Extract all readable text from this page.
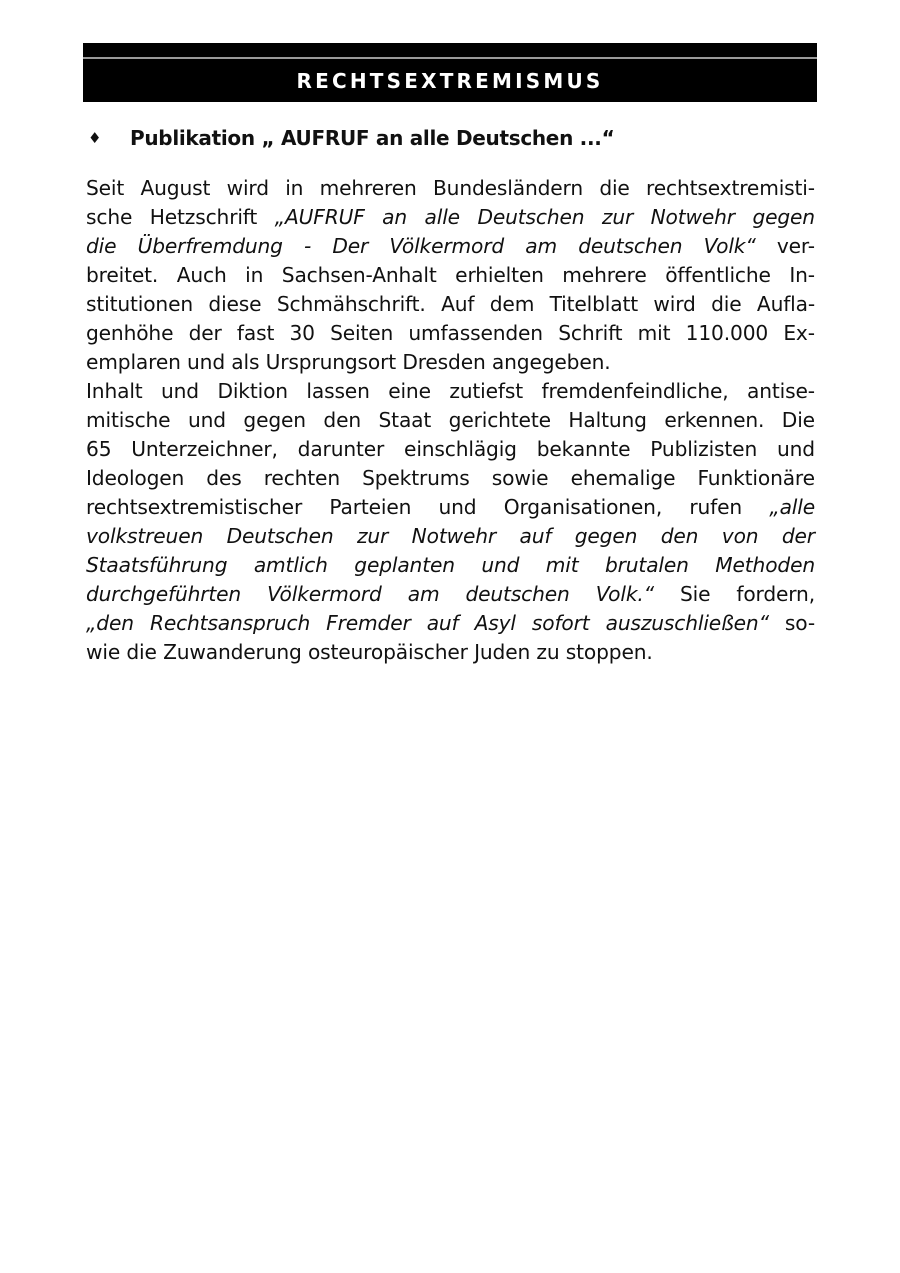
RECHTSEXTREMISMUS
♦	Publikation „ AUFRUF an alle Deutschen ...“
Seit August wird in mehreren Bundesländern die rechtsextremisti-
sche Hetzschrift „AUFRUF an alle Deutschen zur Notwehr gegen
die Überfremdung - Der Völkermord am deutschen Volk“ ver-
breitet. Auch in Sachsen-Anhalt erhielten mehrere öffentliche In-
stitutionen diese Schmähschrift. Auf dem Titelblatt wird die Aufla-
genhöhe der fast 30 Seiten umfassenden Schrift mit 110.000 Ex-
emplaren und als Ursprungsort Dresden angegeben.
Inhalt und Diktion lassen eine zutiefst fremdenfeindliche, antise-
mitische und gegen den Staat gerichtete Haltung erkennen. Die
65 Unterzeichner, darunter einschlägig bekannte Publizisten und
Ideologen des rechten Spektrums sowie ehemalige Funktionäre
rechtsextremistischer Parteien und Organisationen, rufen „alle
volkstreuen Deutschen zur Notwehr auf gegen den von der
Staatsführung amtlich geplanten und mit brutalen Methoden
durchgeführten Völkermord am deutschen Volk.“ Sie fordern,
„den Rechtsanspruch Fremder auf Asyl sofort auszuschließen“ so-
wie die Zuwanderung osteuropäischer Juden zu stoppen.
